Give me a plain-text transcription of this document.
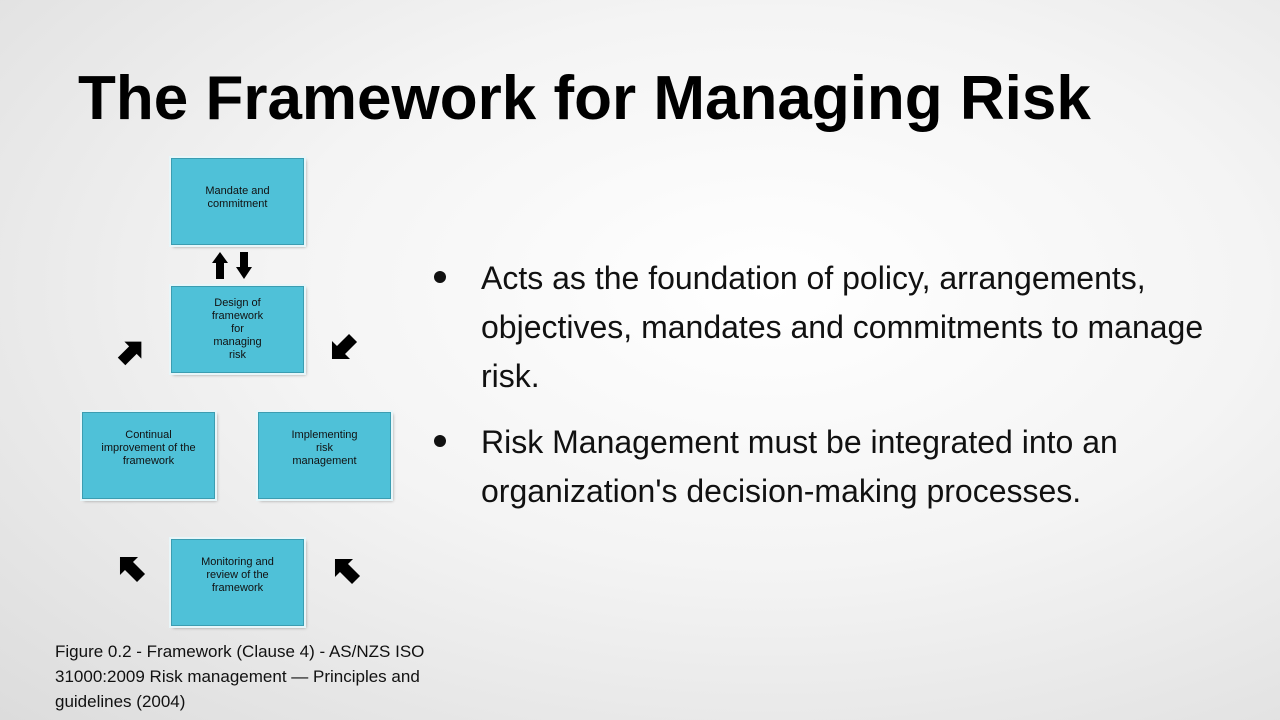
The Framework for Managing Risk
Mandate and commitment
Design of framework for managing risk
Continual improvement of the framework
Implementing risk management
Monitoring and review of the framework

Figure 0.2 - Framework (Clause 4) - AS/NZS ISO 31000:2009 Risk management — Principles and guidelines (2004)

Acts as the foundation of policy, arrangements, objectives, mandates and commitments to manage risk.
Risk Management must be integrated into an organization's decision-making processes.
